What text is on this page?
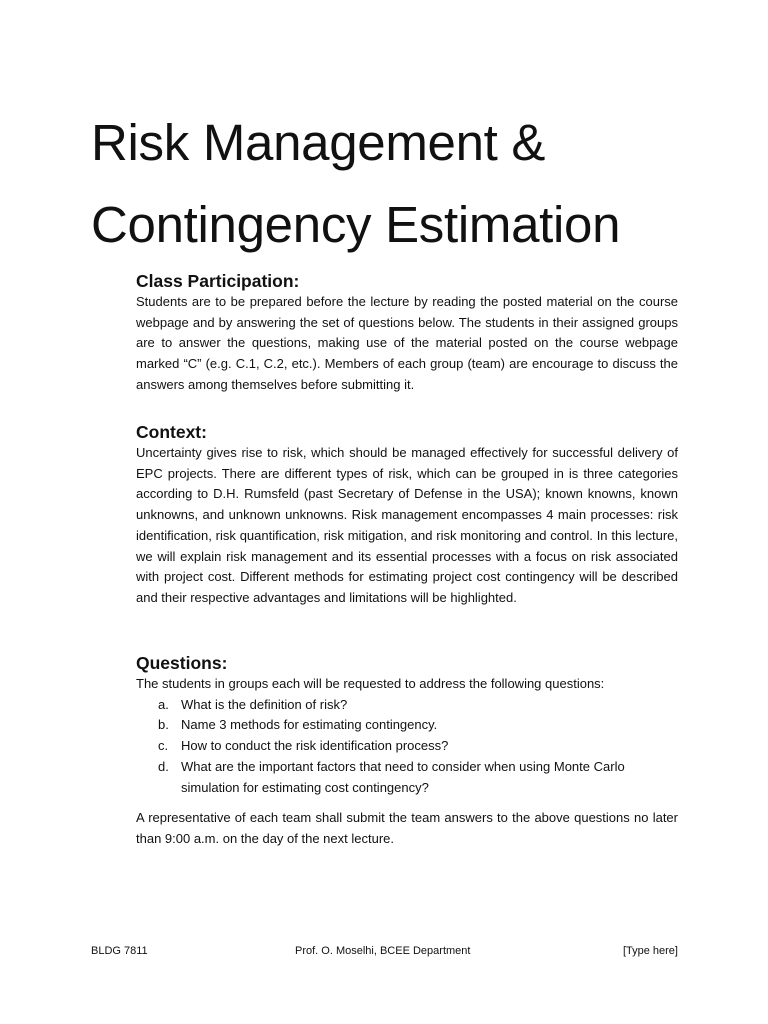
Risk Management &
Contingency Estimation
Class Participation:

Students are to be prepared before the lecture by reading the posted material on the course webpage and by answering the set of questions below. The students in their assigned groups are to answer the questions, making use of the material posted on the course webpage marked “C” (e.g. C.1, C.2, etc.). Members of each group (team) are encourage to discuss the answers among themselves before submitting it.

Context:

Uncertainty gives rise to risk, which should be managed effectively for successful delivery of EPC projects. There are different types of risk, which can be grouped in is three categories according to D.H. Rumsfeld (past Secretary of Defense in the USA); known knowns, known unknowns, and unknown unknowns. Risk management encompasses 4 main processes: risk identification, risk quantification, risk mitigation, and risk monitoring and control. In this lecture, we will explain risk management and its essential processes with a focus on risk associated with project cost. Different methods for estimating project cost contingency will be described and their respective advantages and limitations will be highlighted.

Questions:

The students in groups each will be requested to address the following questions:

a. What is the definition of risk?
b. Name 3 methods for estimating contingency.
c. How to conduct the risk identification process?
d. What are the important factors that need to consider when using Monte Carlo simulation for estimating cost contingency?

A representative of each team shall submit the team answers to the above questions no later than 9:00 a.m. on the day of the next lecture.

BLDG 7811	Prof. O. Moselhi, BCEE Department	[Type here]
